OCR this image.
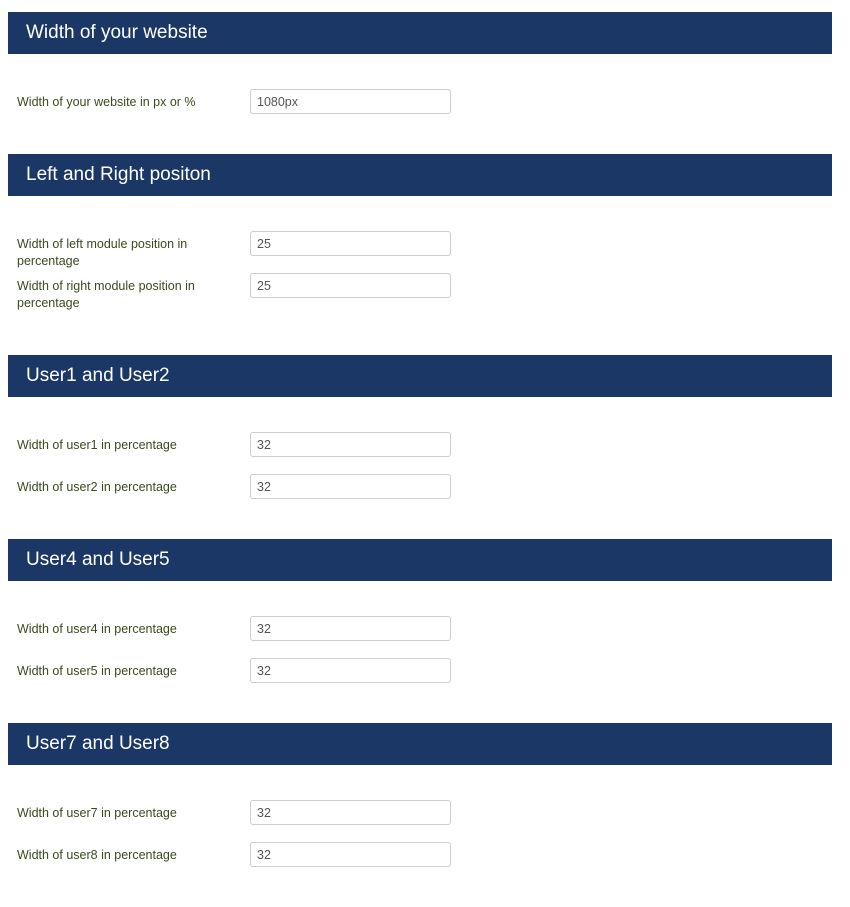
Width of your website
Width of your website in px or %
1080px
Left and Right positon
Width of left module position in percentage
25
Width of right module position in percentage
25
User1 and User2
Width of user1 in percentage
32
Width of user2 in percentage
32
User4 and User5
Width of user4 in percentage
32
Width of user5 in percentage
32
User7 and User8
Width of user7 in percentage
32
Width of user8 in percentage
32
